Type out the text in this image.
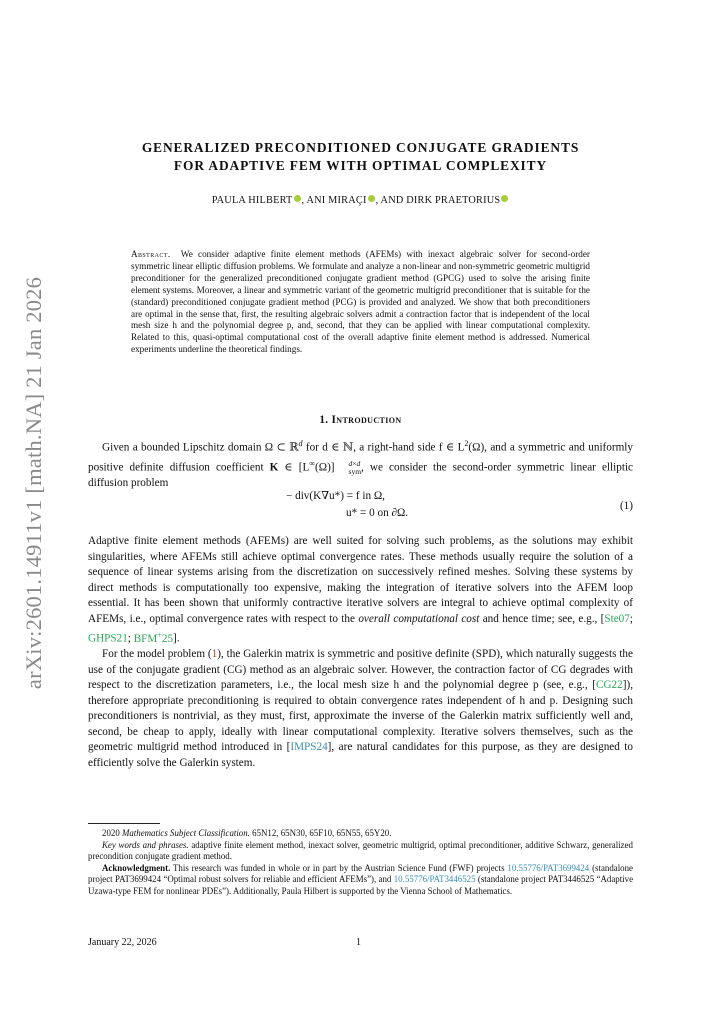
arXiv:2601.14911v1 [math.NA] 21 Jan 2026
GENERALIZED PRECONDITIONED CONJUGATE GRADIENTS
FOR ADAPTIVE FEM WITH OPTIMAL COMPLEXITY
PAULA HILBERT , ANI MIRAÇI , AND DIRK PRAETORIUS
Abstract. We consider adaptive finite element methods (AFEMs) with inexact algebraic solver for second-order symmetric linear elliptic diffusion problems. We formulate and analyze a non-linear and non-symmetric geometric multigrid preconditioner for the generalized preconditioned conjugate gradient method (GPCG) used to solve the arising finite element systems. Moreover, a linear and symmetric variant of the geometric multigrid preconditioner that is suitable for the (standard) preconditioned conjugate gradient method (PCG) is provided and analyzed. We show that both preconditioners are optimal in the sense that, first, the resulting algebraic solvers admit a contraction factor that is independent of the local mesh size h and the polynomial degree p, and, second, that they can be applied with linear computational complexity. Related to this, quasi-optimal computational cost of the overall adaptive finite element method is addressed. Numerical experiments underline the theoretical findings.
1. Introduction
Given a bounded Lipschitz domain Ω ⊂ ℝ$^d$ for d ∈ ℕ, a right-hand side f ∈ $L^2(\Omega)$, and a symmetric and uniformly positive definite diffusion coefficient K ∈ [L∞(Ω)]	d×d
sym , we consider the second-order symmetric linear elliptic diffusion problem
− div(K∇u*) = f in Ω,
u* = 0 on ∂Ω.
(1)
Adaptive finite element methods (AFEMs) are well suited for solving such problems, as the solutions may exhibit singularities, where AFEMs still achieve optimal convergence rates. These methods usually require the solution of a sequence of linear systems arising from the discretization on successively refined meshes. Solving these systems by direct methods is computationally too expensive, making the integration of iterative solvers into the AFEM loop essential. It has been shown that uniformly contractive iterative solvers are integral to achieve optimal complexity of AFEMs, i.e., optimal convergence rates with respect to the overall computational cost and hence time; see, e.g., [Ste07; GHPS21; BFM+25].
For the model problem (1), the Galerkin matrix is symmetric and positive definite (SPD), which naturally suggests the use of the conjugate gradient (CG) method as an algebraic solver. However, the contraction factor of CG degrades with respect to the discretization parameters, i.e., the local mesh size h and the polynomial degree p (see, e.g., [CG22]), therefore appropriate preconditioning is required to obtain convergence rates independent of h and p. Designing such preconditioners is nontrivial, as they must, first, approximate the inverse of the Galerkin matrix sufficiently well and, second, be cheap to apply, ideally with linear computational complexity. Iterative solvers themselves, such as the geometric multigrid method introduced in [IMPS24], are natural candidates for this purpose, as they are designed to efficiently solve the Galerkin system.

2020 Mathematics Subject Classification. 65N12, 65N30, 65F10, 65N55, 65Y20.

Key words and phrases. adaptive finite element method, inexact solver, geometric multigrid, optimal preconditioner, additive Schwarz, generalized precondition conjugate gradient method.

Acknowledgment. This research was funded in whole or in part by the Austrian Science Fund (FWF) projects 10.55776/PAT3699424 (standalone project PAT3699424 “Optimal robust solvers for reliable and efficient AFEMs”), and 10.55776/PAT3446525 (standalone project PAT3446525 “Adaptive Uzawa-type FEM for nonlinear PDEs”). Additionally, Paula Hilbert is supported by the Vienna School of Mathematics.

January 22, 2026	1
